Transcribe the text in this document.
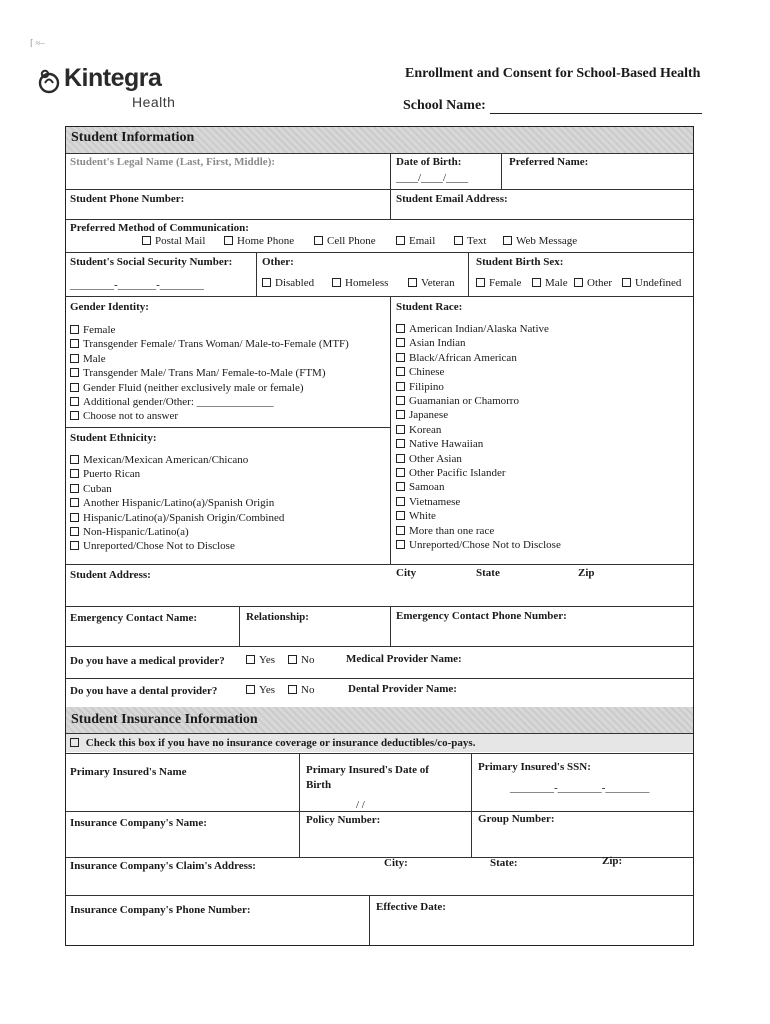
⌈ ≈–
Kintegra
Health
Enrollment and Consent for School-Based Health
School Name:
Student Information
Student's Legal Name (Last, First, Middle):	Date of Birth:
____/____/____
Preferred Name:
Student Phone Number:	Student Email Address:
Preferred Method of Communication:
Postal Mail	Home Phone	Cell Phone	Email	Text	Web Message
Student's Social Security Number:
________-_______-________
Other:
Disabled	Homeless	Veteran
Student Birth Sex:
Female	Male	Other	Undefined
Gender Identity:
Female
Transgender Female/ Trans Woman/ Male-to-Female (MTF)
Male
Transgender Male/ Trans Man/ Female-to-Male (FTM)
Gender Fluid (neither exclusively male or female)
Additional gender/Other: ______________
Choose not to answer
Student Ethnicity:
Mexican/Mexican American/Chicano
Puerto Rican
Cuban
Another Hispanic/Latino(a)/Spanish Origin
Hispanic/Latino(a)/Spanish Origin/Combined
Non-Hispanic/Latino(a)
Unreported/Chose Not to Disclose
Student Race:
American Indian/Alaska Native
Asian Indian
Black/African American
Chinese
Filipino
Guamanian or Chamorro
Japanese
Korean
Native Hawaiian
Other Asian
Other Pacific Islander
Samoan
Vietnamese
White
More than one race
Unreported/Chose Not to Disclose
Student Address:	City	State	Zip
Emergency Contact Name:	Relationship:	Emergency Contact Phone Number:
Do you have a medical provider?	Yes	No	Medical Provider Name:
Do you have a dental provider?	Yes	No	Dental Provider Name:
Student Insurance Information
Check this box if you have no insurance coverage or insurance deductibles/co-pays.
Primary Insured's Name	Primary Insured's Date of
Birth
/ /
Primary Insured's SSN:
________-________-________
Insurance Company's Name:	Policy Number:	Group Number:
Insurance Company's Claim's Address:	City:	State:	Zip:
Insurance Company's Phone Number:	Effective Date:
